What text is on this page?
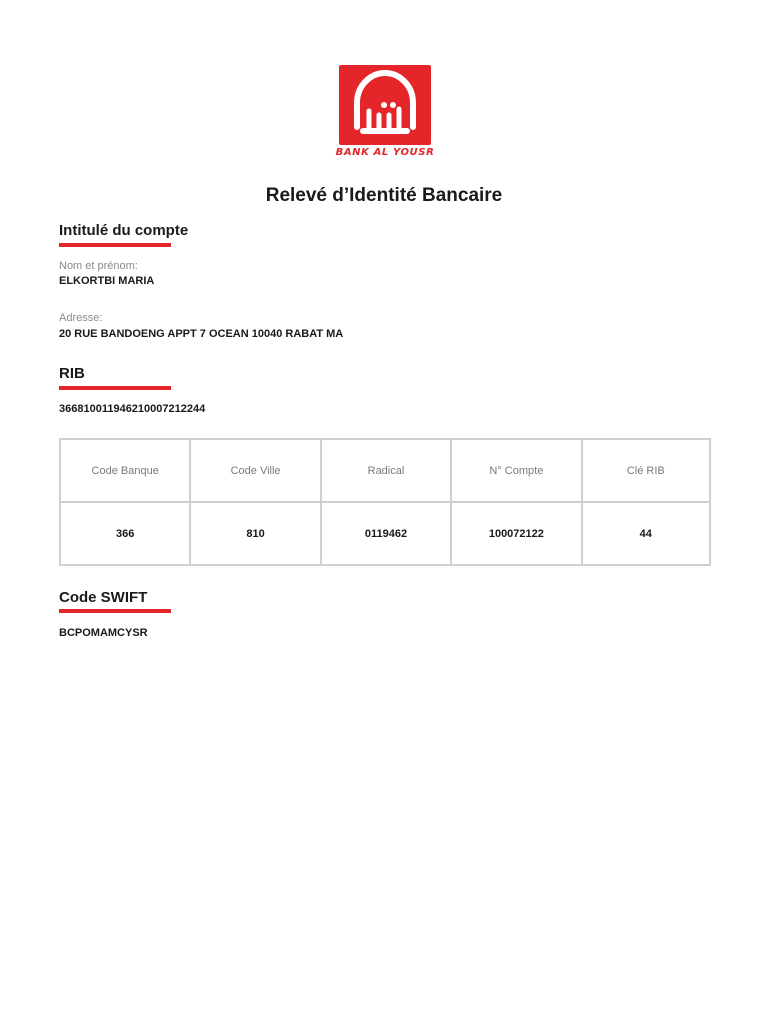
BANK AL YOUSR
Relevé d’Identité Bancaire
Intitulé du compte
Nom et prénom:
ELKORTBI MARIA
Adresse:
20 RUE BANDOENG APPT 7 OCEAN 10040 RABAT MA
RIB
366810011946210007212244
Code Banque	Code Ville	Radical	N° Compte	Clé RIB
366	810	0119462	100072122	44
Code SWIFT
BCPOMAMCYSR
